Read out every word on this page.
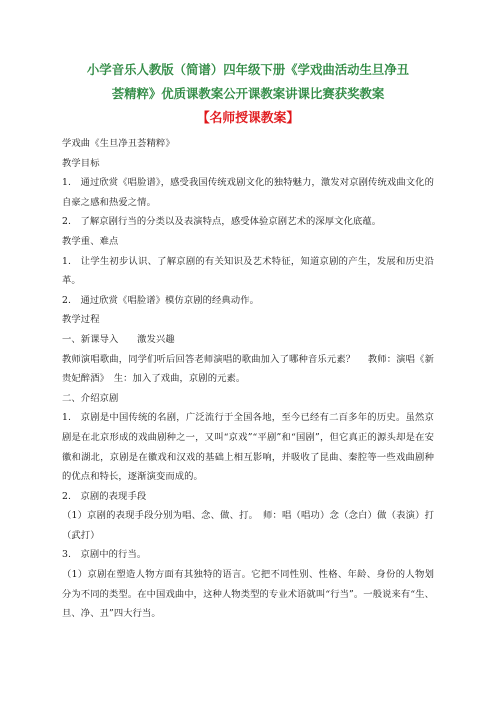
小学音乐人教版（简谱）四年级下册《学戏曲活动生旦净丑
荟精粹》优质课教案公开课教案讲课比赛获奖教案
【名师授课教案】

学戏曲《生旦净丑荟精粹》

教学目标

1.　通过欣赏《唱脸谱》，感受我国传统戏剧文化的独特魅力，激发对京剧传统戏曲文化的自豪之感和热爱之情。

2.　了解京剧行当的分类以及表演特点，感受体验京剧艺术的深厚文化底蕴。

教学重、难点

1.　让学生初步认识、了解京剧的有关知识及艺术特征，知道京剧的产生，发展和历史沿革。

2.　通过欣赏《唱脸谱》模仿京剧的经典动作。

教学过程

一、新课导入　　激发兴趣

教师演唱歌曲，同学们听后回答老师演唱的歌曲加入了哪种音乐元素？　 教师：演唱《新贵妃醉酒》　生：加入了戏曲，京剧的元素。

二、介绍京剧

1.　京剧是中国传统的名剧，广泛流行于全国各地，至今已经有二百多年的历史。虽然京剧是在北京形成的戏曲剧种之一，又叫“京戏”“平剧”和“国剧”，但它真正的源头却是在安徽和湖北，京剧是在徽戏和汉戏的基础上相互影响，并吸收了昆曲、秦腔等一些戏曲剧种的优点和特长，逐渐演变而成的。

2.　京剧的表现手段

（1）京剧的表现手段分别为唱、念、做、打。　师：唱（唱功）念（念白）做（表演）打（武打）

3.　京剧中的行当。

（1）京剧在塑造人物方面有其独特的语言。它把不同性别、性格、年龄、身份的人物划分为不同的类型。在中国戏曲中，这种人物类型的专业术语就叫“行当”。一般说来有“生、旦、净、丑”四大行当。
